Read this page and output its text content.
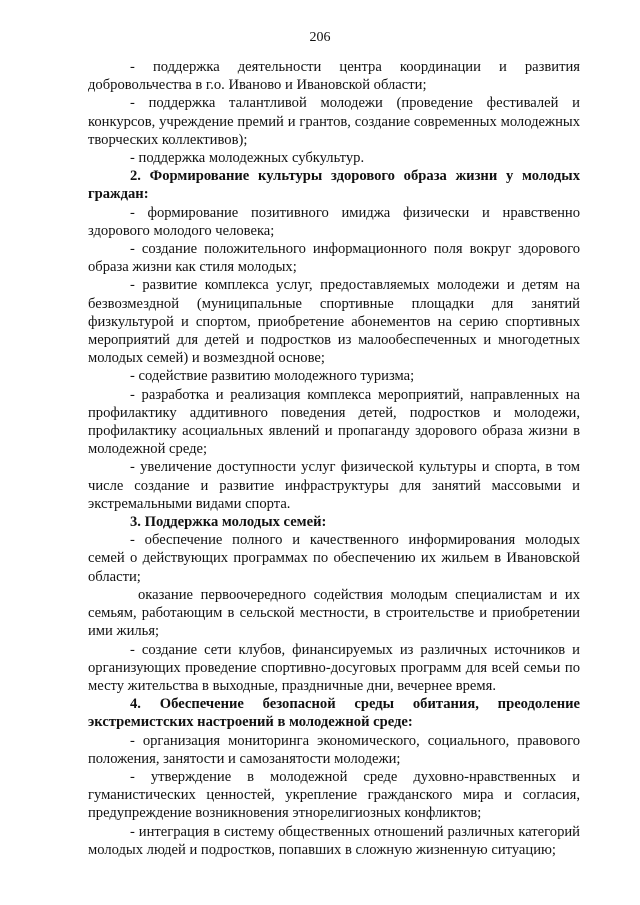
206

- поддержка деятельности центра координации и развития добровольчества в г.о. Иваново и Ивановской области;

- поддержка талантливой молодежи (проведение фестивалей и конкурсов, учреждение премий и грантов, создание современных молодежных творческих коллективов);

- поддержка молодежных субкультур.

2. Формирование культуры здорового образа жизни у молодых граждан:

- формирование позитивного имиджа физически и нравственно здорового молодого человека;

- создание положительного информационного поля вокруг здорового образа жизни как стиля молодых;

- развитие комплекса услуг, предоставляемых молодежи и детям на безвозмездной (муниципальные спортивные площадки для занятий физкультурой и спортом, приобретение абонементов на серию спортивных мероприятий для детей и подростков из малообеспеченных и многодетных молодых семей) и возмездной основе;

- содействие развитию молодежного туризма;

- разработка и реализация комплекса мероприятий, направленных на профилактику аддитивного поведения детей, подростков и молодежи, профилактику асоциальных явлений и пропаганду здорового образа жизни в молодежной среде;

- увеличение доступности услуг физической культуры и спорта, в том числе создание и развитие инфраструктуры для занятий массовыми и экстремальными видами спорта.

3. Поддержка молодых семей:

- обеспечение полного и качественного информирования молодых семей о действующих программах по обеспечению их жильем в Ивановской области;

оказание первоочередного содействия молодым специалистам и их семьям, работающим в сельской местности, в строительстве и приобретении ими жилья;

- создание сети клубов, финансируемых из различных источников и организующих проведение спортивно-досуговых программ для всей семьи по месту жительства в выходные, праздничные дни, вечернее время.

4. Обеспечение безопасной среды обитания, преодоление экстремистских настроений в молодежной среде:

- организация мониторинга экономического, социального, правового положения, занятости и самозанятости молодежи;

- утверждение в молодежной среде духовно-нравственных и гуманистических ценностей, укрепление гражданского мира и согласия, предупреждение возникновения этнорелигиозных конфликтов;

- интеграция в систему общественных отношений различных категорий молодых людей и подростков, попавших в сложную жизненную ситуацию;
